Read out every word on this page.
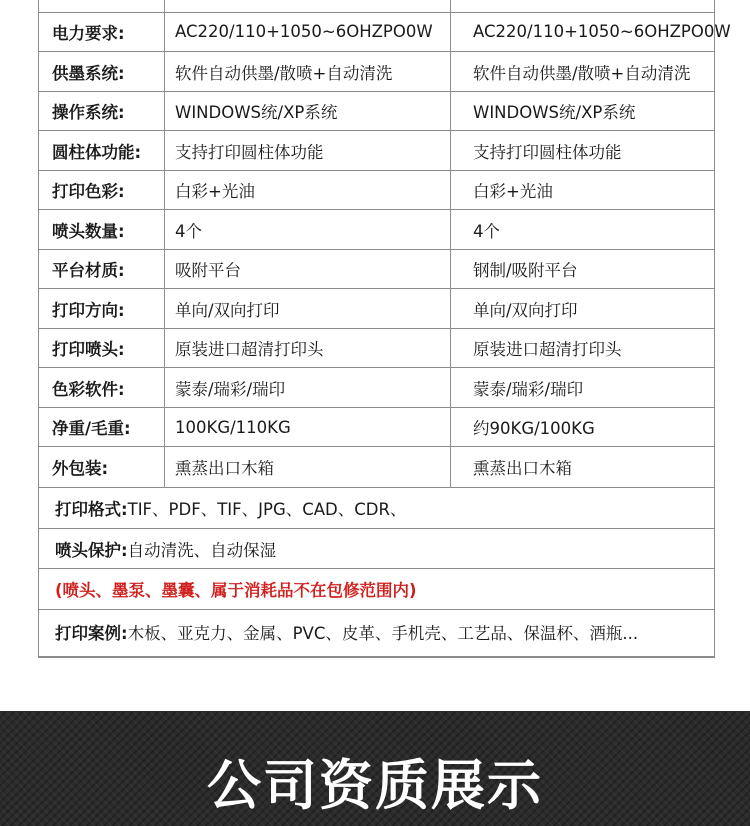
电力要求:	AC220/110+1050~6OHZPO0W	AC220/110+1050~6OHZPO0W
供墨系统:	软件自动供墨/散喷+自动清洗	软件自动供墨/散喷+自动清洗
操作系统:	WINDOWS统/XP系统	WINDOWS统/XP系统
圆柱体功能:	支持打印圆柱体功能	支持打印圆柱体功能
打印色彩:	白彩+光油	白彩+光油
喷头数量:	4个	4个
平台材质:	吸附平台	钢制/吸附平台
打印方向:	单向/双向打印	单向/双向打印
打印喷头:	原装进口超清打印头	原装进口超清打印头
色彩软件:	蒙泰/瑞彩/瑞印	蒙泰/瑞彩/瑞印
净重/毛重:	100KG/110KG	约90KG/100KG
外包装:	熏蒸出口木箱	熏蒸出口木箱
打印格式: TIF、PDF、TIF、JPG、CAD、CDR、
喷头保护: 自动清洗、自动保湿
(喷头、墨泵、墨囊、属于消耗品不在包修范围内)
打印案例: 木板、亚克力、金属、PVC、皮革、手机壳、工艺品、保温杯、酒瓶...
公司资质展示
